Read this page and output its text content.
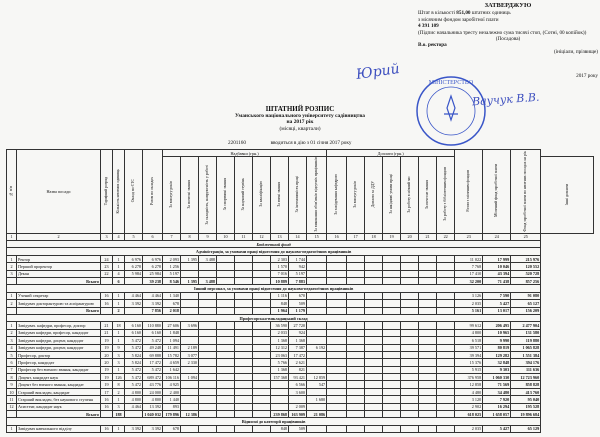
ЗАТВЕРДЖУЮ
Штат в кількості 851,00 штатних одиниць
з місячним фондом заробітної плати
4 391 109
(Підпис начальника тресту незалежно сума тисячі стоп, (Сотні, 00 копійок))
(Посадова)
В.о. ректора
(ініціали, прізвище)
2017 року
МІНІСТЕРСТВО
Юрий
Ваучук В.В.
ШТАТНИЙ РОЗПИС
Уманського національного університету садівництва
на 2017 рік
(місяці, квартали)
2201160	вводиться в дію з 01 січня 2017 року
№ п/п	Назва посади	Тарифний розряд	Кількість штатних одиниць	Оклад по ЄТС	Разом по окладах	Надбавки (грн.)									Доплати (грн.)							Разом з місячним фондом	Місячний фонд заробітної плати	Фонд заробітної плати по штатних посадах на рік	
						За вислугу років	За почесні звання	За складність, напруженість у роботі	За спортивні звання	За науковий ступінь	За кваліфікацію	За вчені звання	За інтенсивність праці	За виконання обов'язків відсутніх працівників	За завідування кафедрою	За вислугу років	Доплата за ДДУ	За шкідливі умови праці	За роботу в нічний час	За почесне звання	За роботу з бібліотечним фондом				Інші доплати
1	2	3	4	5	6	7	8	9	10	11	12	13	14	15	16	17	18	19	20	21	22	23	24	25	
Бюджетний фонд																									
Адміністрація, за умовами праці віднесення до науково-педагогічних працівників																									
1	Ректор	24	1	6 976	6 976	2 093	1 395	3 488				2 303	1 744									11 022	17 999	215 976	
2	Перший проректор	23	1	6 278	6 278	1 256						1 570	942									7 768	10 046	120 552	
3	Декан	22	4	5 984	25 984	5 197						7 016	5 197									17 410	43 394	520 728	
	Всього		6		39 238	8 546	1 395	3 488				10 889	7 883									32 200	71 438	857 256	
Інший персонал, за умовами праці віднесення до науково-педагогічних працівників																									
1	Учений секретар	16	1	4 464	4 464	1 340						1 116	670									3 126	7 590	91 080	
2	Завідувач докторантурою та аспірантурою	16	1	3 392	3 392	678						848	509									2 035	5 427	65 127	
	Всього		2		7 856	2 018						1 964	1 179									5 161	13 017	156 209	
Професорсько-викладацький склад																									
1	Завідувач. кафедри, професор, доктор	21	18	6 160	110 880	27 606	3 696					36 590	27 720									99 612	206 495	2 477 904	
2	Завідувач кафедри, професор, кандидат	21	1	6 160	6 160	1 848						2 033	924									4 800	10 965	131 580	
3	Завідувач кафедри, доцент, кандидат	19	1	5 472	5 472	1 094						1 368	1 368									6 518	9 990	119 880	
4	Завідувач кафедри, доцент, кандидат	19	9	5 472	49 248	11 491	2 189					12 312	7 387	6 192								39 571	80 819	1 065 828	
5	Професор, доктор	20	3	5 824	69 888	15 782	3 077					23 063	17 472									39 394	129 282	1 551 384	
6	Професор, кандидат	20	3	5 824	17 472	4 659	2 330					5 766	2 621									15 376	32 848	394 176	
7	Професор без вченого звання, кандидат	19	1	5 472	5 472	1 642						1 368	821									5 915	9 303	111 636	
8	Доцент, кандидат наук	19	126	5 472	689 472	106 116	1 094					157 368	93 421	12 859								376 958	1 060 330	12 723 960	
9	Доцент без вченого звання, кандидат	19	8	5 472	43 776	4 925							6 566	547								12 858	71 569	858 828	
10	Старший викладач, кандидат	17	2	4 800	24 000	2 400							3 600									4 480	34 480	413 760	
11	Старший викладач, без наукового ступеня	16	1	4 800	4 800	1 440								1 680								3 120	7 920	95 040	
12	Асистент, кандидат наук	16	3	4 464	13 392	893							2 009									2 902	16 294	195 528	
	Всього		188		1 040 032	179 896	12 386					239 868	163 909	21 086								618 025	1 658 057	19 896 684	
Відносні до категорії працівників																									
1	Завідувач навчального відділу	16	1	3 392	3 392	678						848	509									2 035	5 427	65 129	
